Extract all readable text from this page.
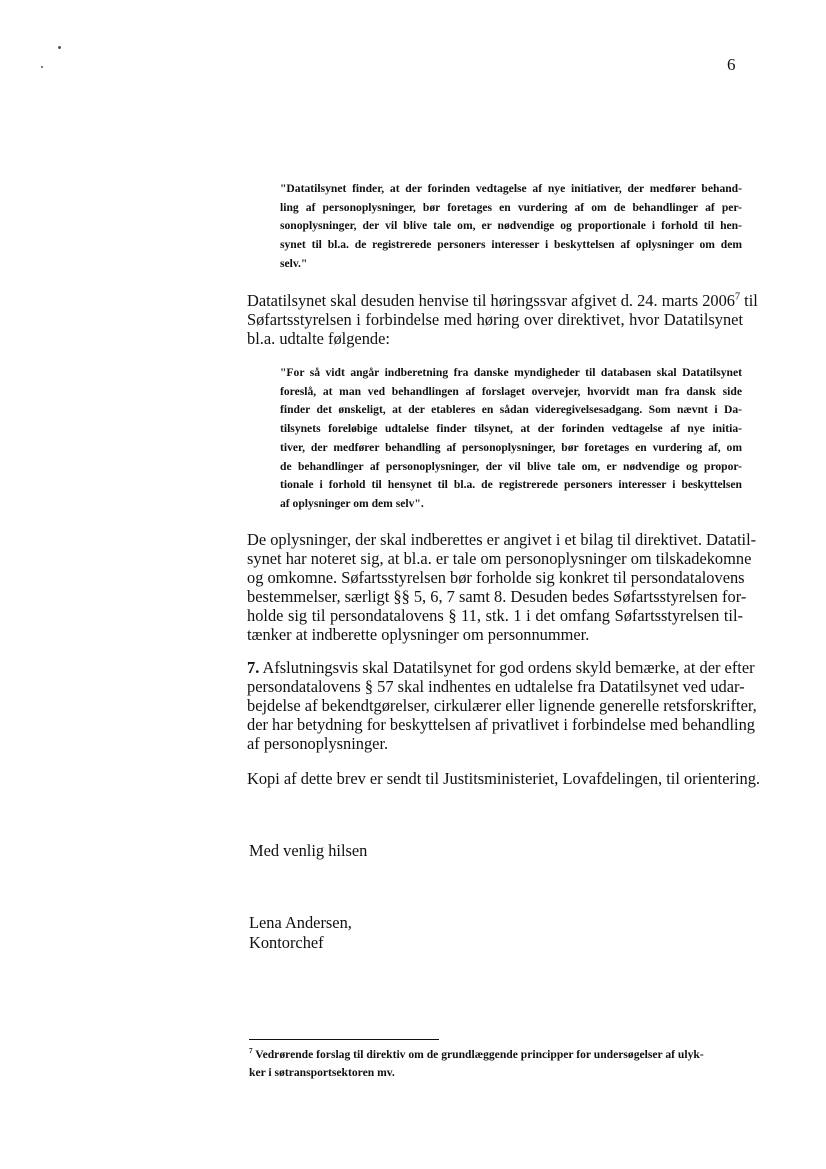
6
"Datatilsynet finder, at der forinden vedtagelse af nye initiativer, der medfører behand-
ling af personoplysninger, bør foretages en vurdering af om de behandlinger af per-
sonoplysninger, der vil blive tale om, er nødvendige og proportionale i forhold til hen-
synet til bl.a. de registrerede personers interesser i beskyttelsen af oplysninger om dem
selv."
Datatilsynet skal desuden henvise til høringssvar afgivet d. 24. marts 2006$^7$ til
Søfartsstyrelsen i forbindelse med høring over direktivet, hvor Datatilsynet
bl.a. udtalte følgende:
"For så vidt angår indberetning fra danske myndigheder til databasen skal Datatilsynet
foreslå, at man ved behandlingen af forslaget overvejer, hvorvidt man fra dansk side
finder det ønskeligt, at der etableres en sådan videregivelsesadgang. Som nævnt i Da-
tilsynets foreløbige udtalelse finder tilsynet, at der forinden vedtagelse af nye initia-
tiver, der medfører behandling af personoplysninger, bør foretages en vurdering af, om
de behandlinger af personoplysninger, der vil blive tale om, er nødvendige og propor-
tionale i forhold til hensynet til bl.a. de registrerede personers interesser i beskyttelsen
af oplysninger om dem selv".
De oplysninger, der skal indberettes er angivet i et bilag til direktivet. Datatil-
synet har noteret sig, at bl.a. er tale om personoplysninger om tilskadekomne
og omkomne. Søfartsstyrelsen bør forholde sig konkret til persondatalovens
bestemmelser, særligt §§ 5, 6, 7 samt 8. Desuden bedes Søfartsstyrelsen for-
holde sig til persondatalovens § 11, stk. 1 i det omfang Søfartsstyrelsen til-
tænker at indberette oplysninger om personnummer.
7. Afslutningsvis skal Datatilsynet for god ordens skyld bemærke, at der efter
persondatalovens § 57 skal indhentes en udtalelse fra Datatilsynet ved udar-
bejdelse af bekendtgørelser, cirkulærer eller lignende generelle retsforskrifter,
der har betydning for beskyttelsen af privatlivet i forbindelse med behandling
af personoplysninger.
Kopi af dette brev er sendt til Justitsministeriet, Lovafdelingen, til orientering.
Med venlig hilsen
Lena Andersen,
Kontorchef
$^7$ Vedrørende forslag til direktiv om de grundlæggende principper for undersøgelser af ulyk-
ker i søtransportsektoren mv.
